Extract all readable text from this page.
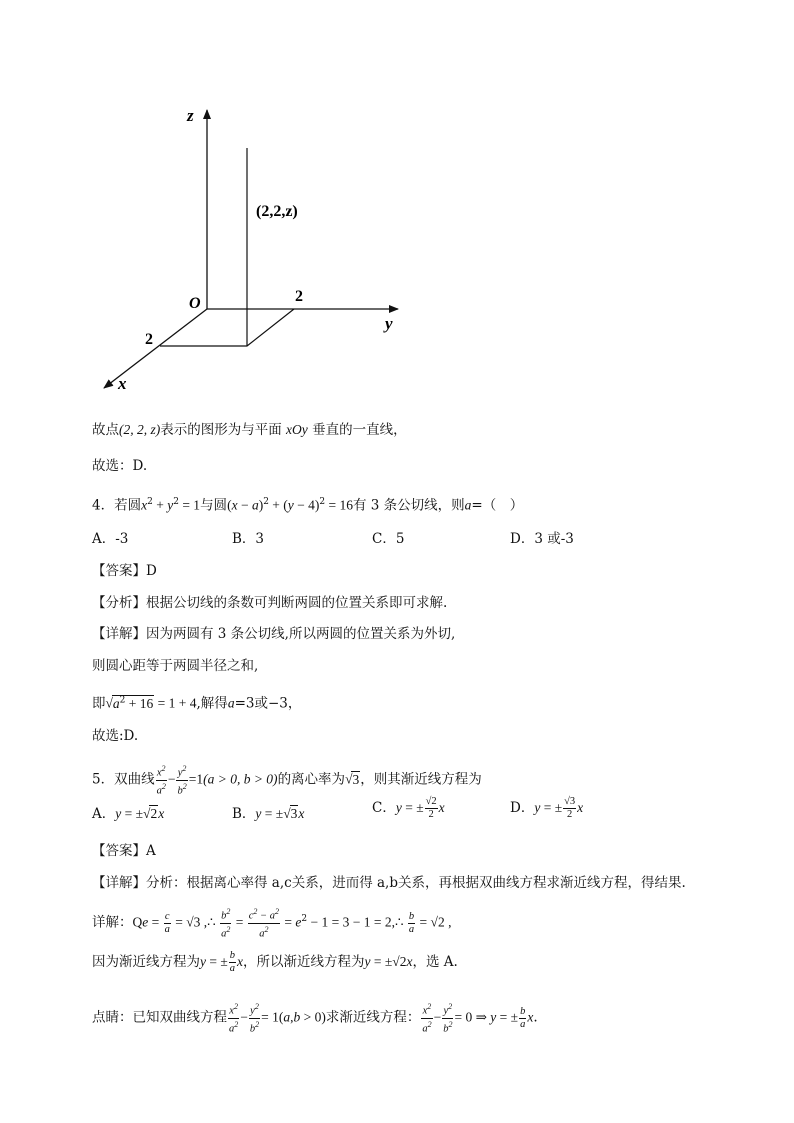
z
y
x
O
2
2
(2,2,z)
故点(2, 2, z)表示的图形为与平面 xOy 垂直的一直线，
故选：D.
4．若圆$x^2 + y^2 = 1$与圆$(x - a)^2 + (y - 4)^2 = 16$有 3 条公切线，则a=（　）
A．-3	B．3	C．5	D．3 或-3
【答案】D
【分析】根据公切线的条数可判断两圆的位置关系即可求解.
【详解】因为两圆有 3 条公切线,所以两圆的位置关系为外切,
则圆心距等于两圆半径之和,
即$√a^2 + 16 = 1 + 4$,解得a=3或−3，
故选:D.
5．双曲线 $\frac{x^2}{a^2} - \frac{y^2}{b^2} =1(a > 0$, b > 0)的离心率为√3，则其渐近线方程为
A．y = ±√2x	B．y = ±√3x	C．y = ± $\frac{√2}{2}$ x	D．y = ± $\frac{√3}{2}$ x
【答案】A
【详解】分析：根据离心率得 a,c关系，进而得 a,b关系，再根据双曲线方程求渐近线方程，得结果.
详解：$Qe = \frac{c}{a} = √3$ ,∴ $\frac{b^2}{a^2} = \frac{c^2 - a^2}{a^2} = e^2 - 1 = 3 - 1$ = 2,∴ $\frac{b}{a} = √2$ ,
因为渐近线方程为y = ± $\frac{b}{a}$ x，所以渐近线方程为y = ±√2x，选 A.
点睛：已知双曲线方程 $\frac{x^2}{a^2} - \frac{y^2}{b^2} = 1(a,b > 0)$求渐近线方程： $\frac{x^2}{a^2} - \frac{y^2}{b^2} = 0$ ⇒ y = ± $\frac{b}{a} x$.
